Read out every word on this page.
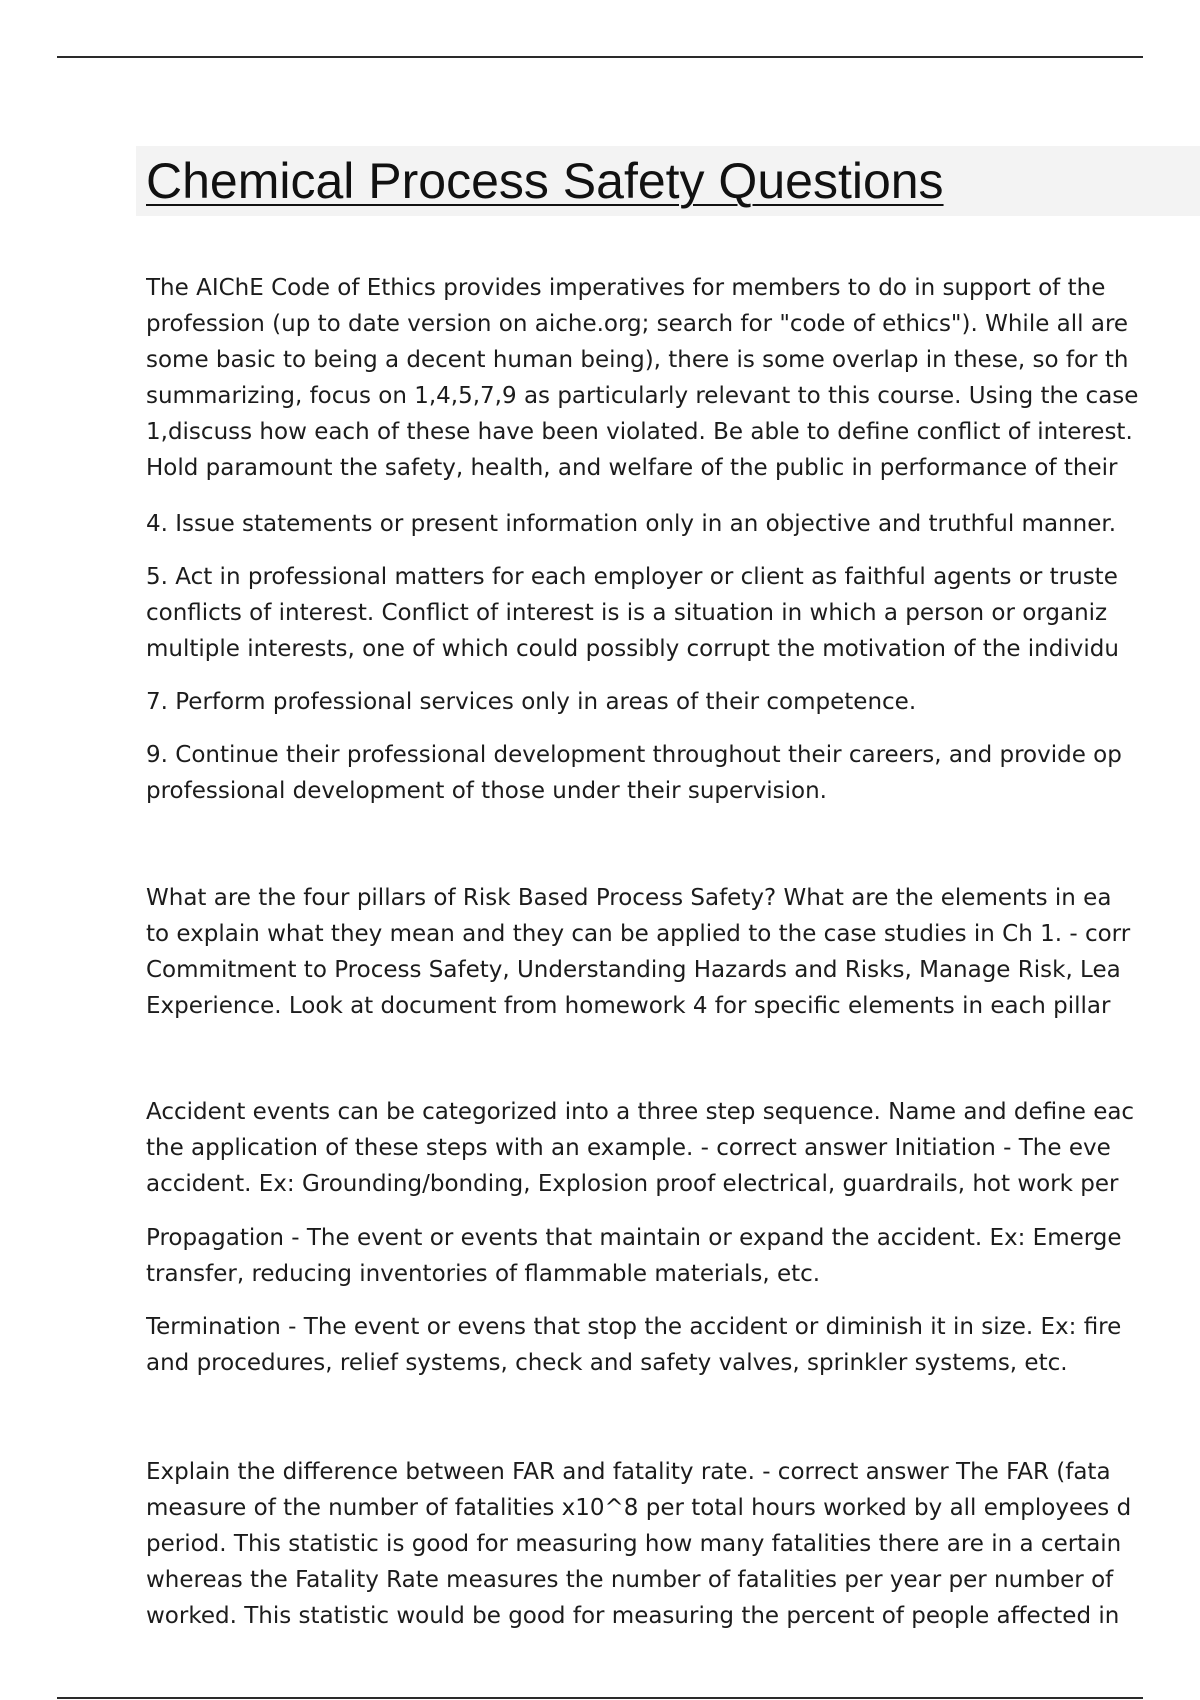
Chemical Process Safety Questions

The AIChE Code of Ethics provides imperatives for members to do in support of the
profession (up to date version on aiche.org; search for "code of ethics"). While all are
some basic to being a decent human being), there is some overlap in these, so for th
summarizing, focus on 1,4,5,7,9 as particularly relevant to this course. Using the case
1,discuss how each of these have been violated. Be able to define conflict of interest.
Hold paramount the safety, health, and welfare of the public in performance of their

4. Issue statements or present information only in an objective and truthful manner.

5. Act in professional matters for each employer or client as faithful agents or truste
conflicts of interest. Conflict of interest is is a situation in which a person or organiz
multiple interests, one of which could possibly corrupt the motivation of the individu

7. Perform professional services only in areas of their competence.

9. Continue their professional development throughout their careers, and provide op
professional development of those under their supervision.

What are the four pillars of Risk Based Process Safety? What are the elements in ea
to explain what they mean and they can be applied to the case studies in Ch 1. - corr
Commitment to Process Safety, Understanding Hazards and Risks, Manage Risk, Lea
Experience. Look at document from homework 4 for specific elements in each pillar

Accident events can be categorized into a three step sequence. Name and define eac
the application of these steps with an example. - correct answer Initiation - The eve
accident. Ex: Grounding/bonding, Explosion proof electrical, guardrails, hot work per

Propagation - The event or events that maintain or expand the accident. Ex: Emerge
transfer, reducing inventories of flammable materials, etc.

Termination - The event or evens that stop the accident or diminish it in size. Ex: fire
and procedures, relief systems, check and safety valves, sprinkler systems, etc.

Explain the difference between FAR and fatality rate. - correct answer The FAR (fata
measure of the number of fatalities x10^8 per total hours worked by all employees d
period. This statistic is good for measuring how many fatalities there are in a certain
whereas the Fatality Rate measures the number of fatalities per year per number of
worked. This statistic would be good for measuring the percent of people affected in
